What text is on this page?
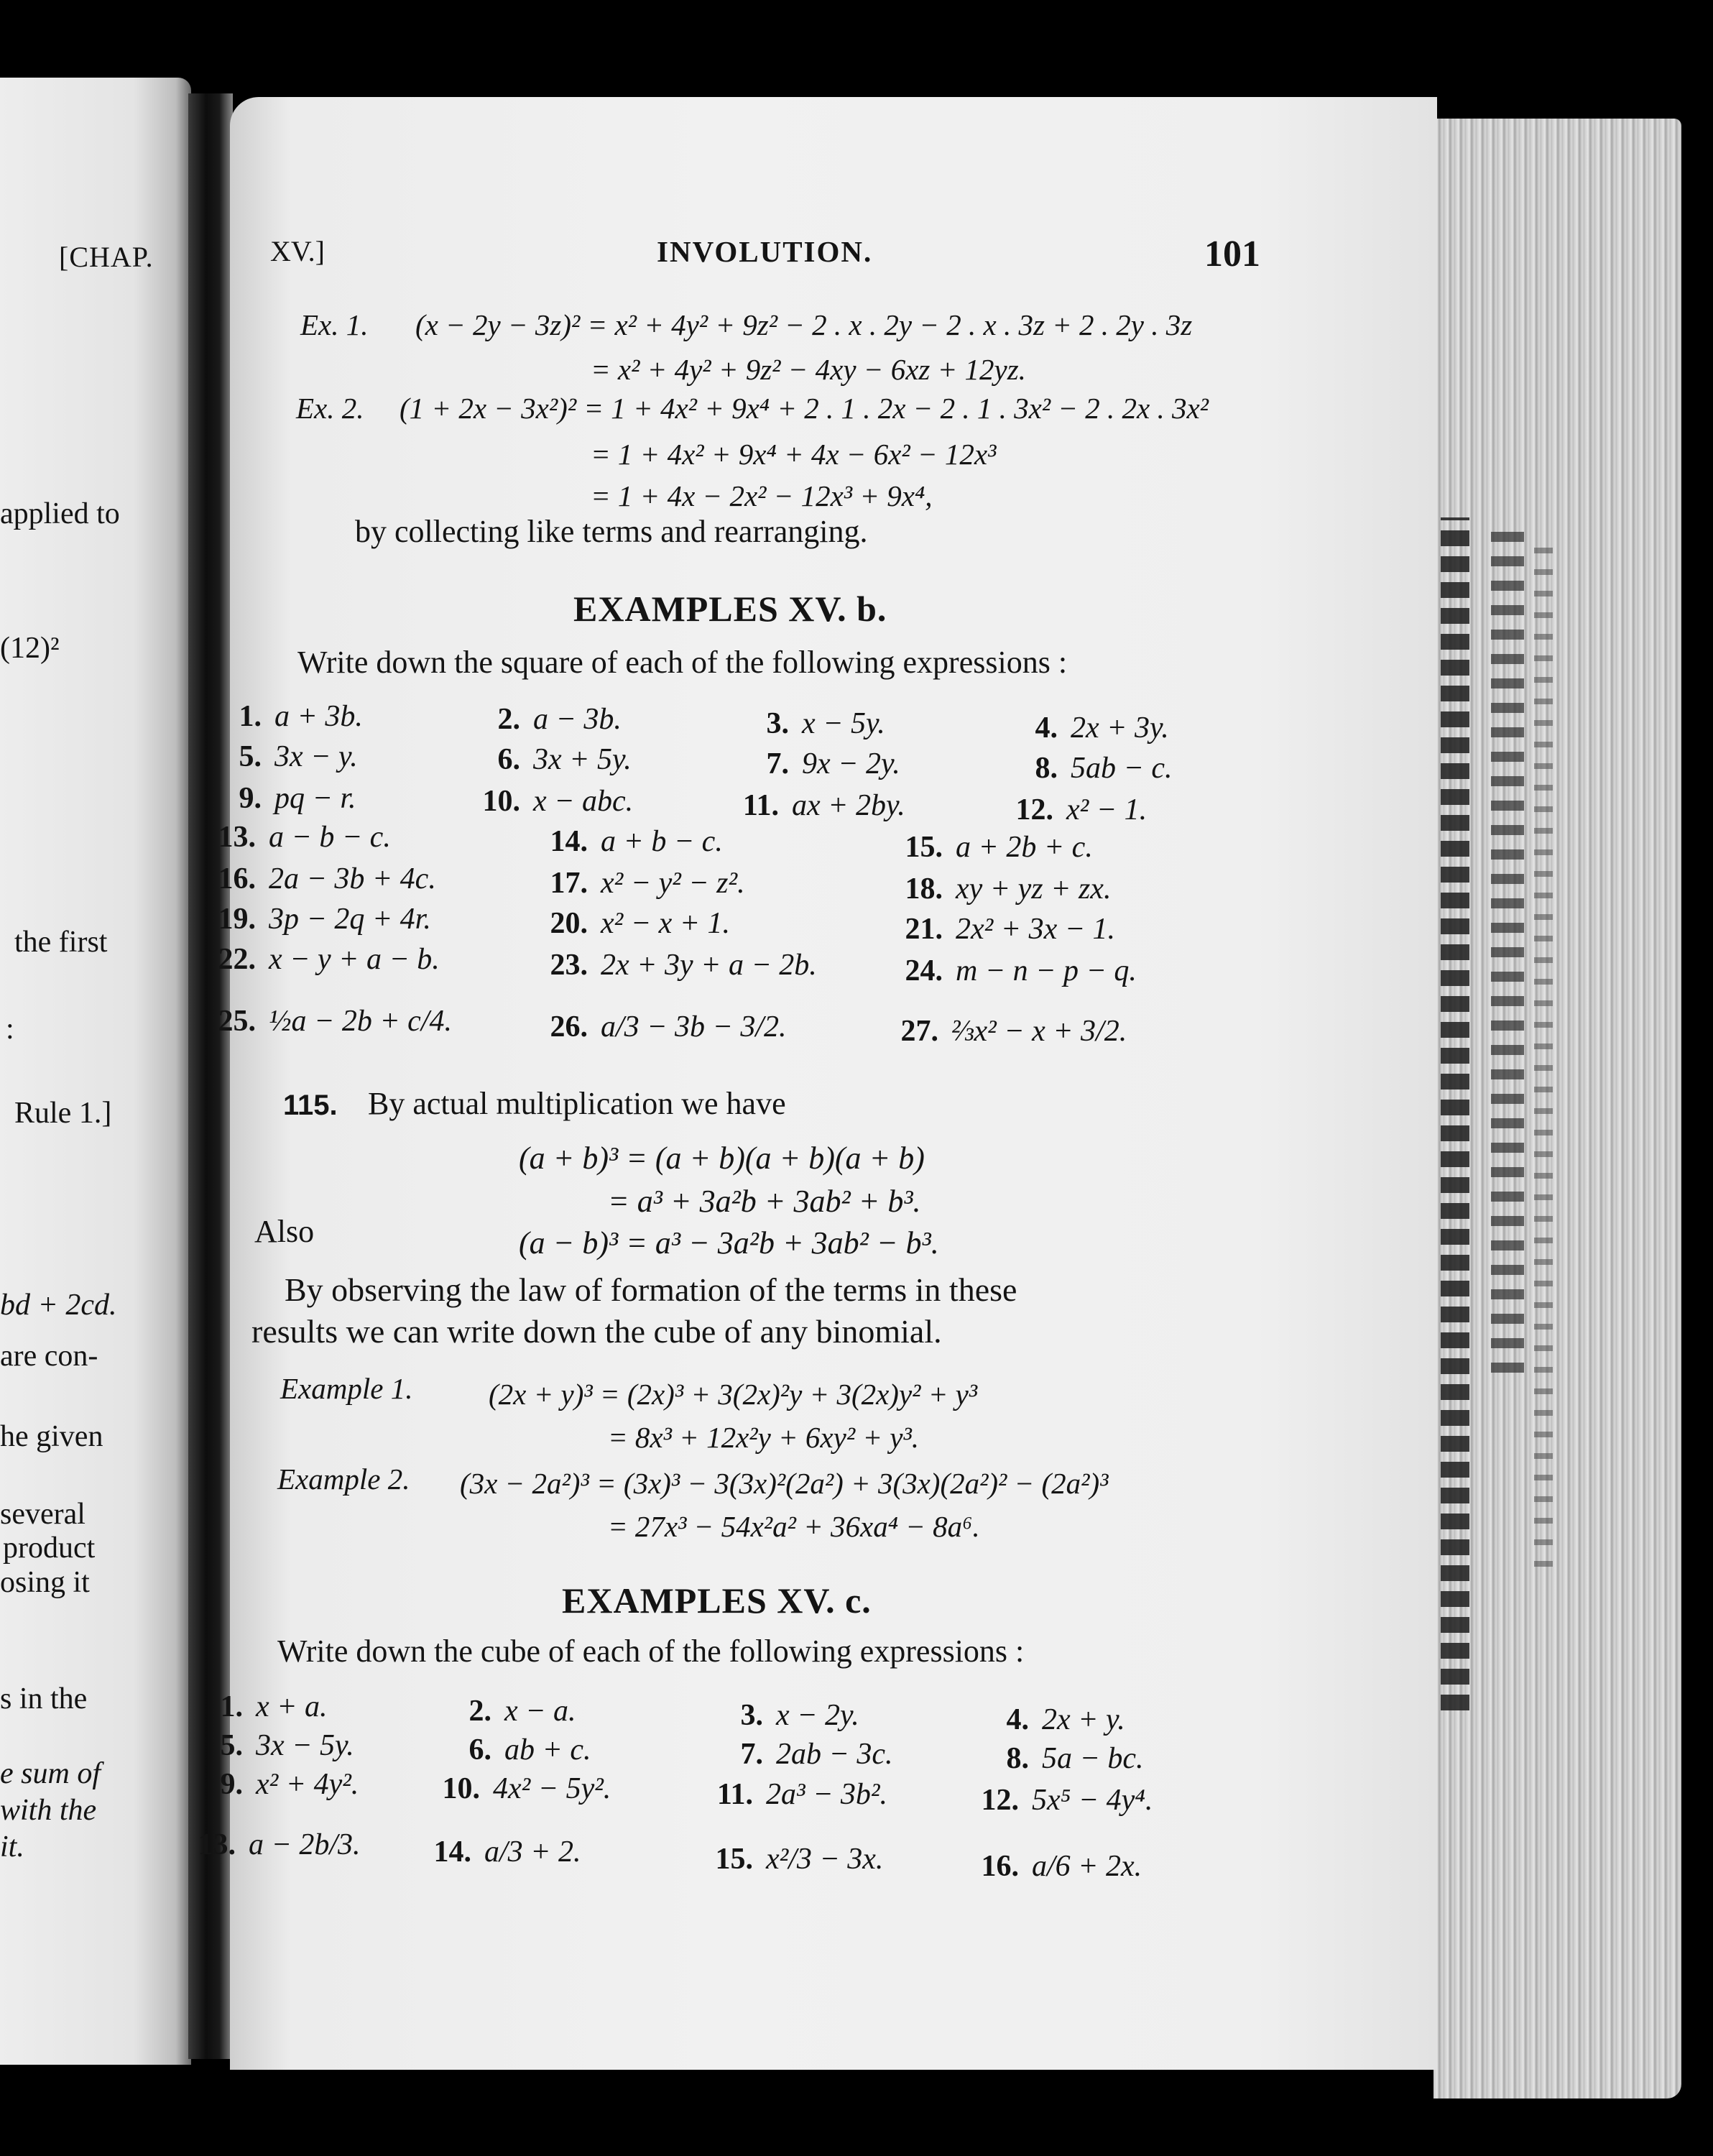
[CHAP.
applied to
(12)²
the first
:
Rule 1.]
bd + 2cd.
are con-
he given
several
product
osing it
s in the
e sum of
with the
it.
XV.]	INVOLUTION.	101
Ex. 1. (x − 2y − 3z)² = x² + 4y² + 9z² − 2 . x . 2y − 2 . x . 3z + 2 . 2y . 3z
= x² + 4y² + 9z² − 4xy − 6xz + 12yz.
Ex. 2. (1 + 2x − 3x²)² = 1 + 4x² + 9x⁴ + 2 . 1 . 2x − 2 . 1 . 3x² − 2 . 2x . 3x²
= 1 + 4x² + 9x⁴ + 4x − 6x² − 12x³
= 1 + 4x − 2x² − 12x³ + 9x⁴,
by collecting like terms and rearranging.
EXAMPLES XV. b.
Write down the square of each of the following expressions :
1. a + 3b.	2. a − 3b.	3. x − 5y.	4. 2x + 3y.
5. 3x − y.	6. 3x + 5y.	7. 9x − 2y.	8. 5ab − c.
9. pq − r.	10. x − abc.	11. ax + 2by.	12. x² − 1.
13. a − b − c.	14. a + b − c.	15. a + 2b + c.
16. 2a − 3b + 4c.	17. x² − y² − z².	18. xy + yz + zx.
19. 3p − 2q + 4r.	20. x² − x + 1.	21. 2x² + 3x − 1.
22. x − y + a − b.	23. 2x + 3y + a − 2b.	24. m − n − p − q.
25. ½a − 2b + c/4.	26. a/3 − 3b − 3/2.	27. ⅔x² − x + 3/2.
115. By actual multiplication we have
(a + b)³ = (a + b)(a + b)(a + b)
= a³ + 3a²b + 3ab² + b³.
Also	(a − b)³ = a³ − 3a²b + 3ab² − b³.
By observing the law of formation of the terms in these
results we can write down the cube of any binomial.
Example 1.	(2x + y)³ = (2x)³ + 3(2x)²y + 3(2x)y² + y³
= 8x³ + 12x²y + 6xy² + y³.
Example 2. (3x − 2a²)³ = (3x)³ − 3(3x)²(2a²) + 3(3x)(2a²)² − (2a²)³
= 27x³ − 54x²a² + 36xa⁴ − 8a⁶.
EXAMPLES XV. c.
Write down the cube of each of the following expressions :
1. x + a.	2. x − a.	3. x − 2y.	4. 2x + y.
5. 3x − 5y.	6. ab + c.	7. 2ab − 3c.	8. 5a − bc.
9. x² + 4y².	10. 4x² − 5y².	11. 2a³ − 3b².	12. 5x⁵ − 4y⁴.
13. a − 2b/3.	14. a/3 + 2.	15. x²/3 − 3x.	16. a/6 + 2x.
